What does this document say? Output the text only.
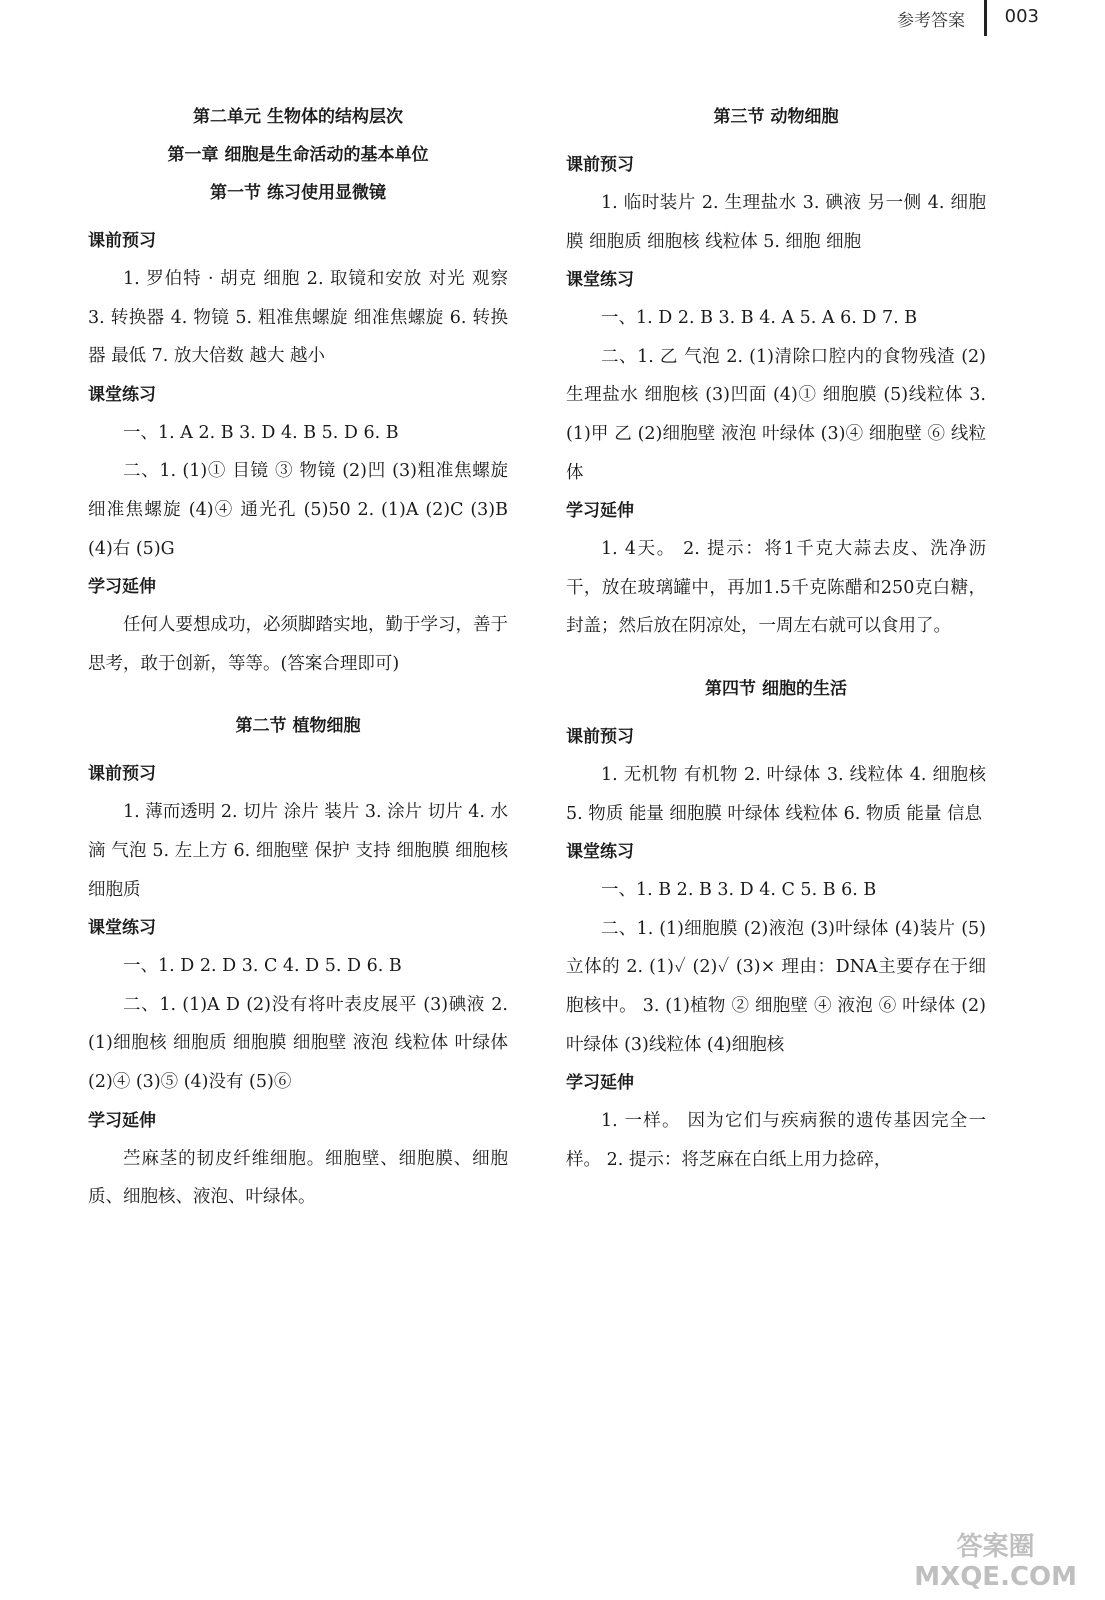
参考答案 003
第二单元 生物体的结构层次
第一章 细胞是生命活动的基本单位
第一节 练习使用显微镜
课前预习

1. 罗伯特 · 胡克 细胞 2. 取镜和安放 对光 观察 3. 转换器 4. 物镜 5. 粗准焦螺旋 细准焦螺旋 6. 转换器 最低 7. 放大倍数 越大 越小

课堂练习

一、1. A 2. B 3. D 4. B 5. D 6. B

二、1. (1)① 目镜 ③ 物镜 (2)凹 (3)粗准焦螺旋 细准焦螺旋 (4)④ 通光孔 (5)50 2. (1)A (2)C (3)B (4)右 (5)G

学习延伸

任何人要想成功，必须脚踏实地，勤于学习，善于思考，敢于创新，等等。(答案合理即可)

第二节 植物细胞
课前预习

1. 薄而透明 2. 切片 涂片 装片 3. 涂片 切片 4. 水滴 气泡 5. 左上方 6. 细胞壁 保护 支持 细胞膜 细胞核 细胞质

课堂练习

一、1. D 2. D 3. C 4. D 5. D 6. B

二、1. (1)A D (2)没有将叶表皮展平 (3)碘液 2. (1)细胞核 细胞质 细胞膜 细胞壁 液泡 线粒体 叶绿体 (2)④ (3)⑤ (4)没有 (5)⑥

学习延伸

苎麻茎的韧皮纤维细胞。细胞壁、细胞膜、细胞质、细胞核、液泡、叶绿体。

第三节 动物细胞
课前预习

1. 临时装片 2. 生理盐水 3. 碘液 另一侧 4. 细胞膜 细胞质 细胞核 线粒体 5. 细胞 细胞

课堂练习

一、1. D 2. B 3. B 4. A 5. A 6. D 7. B

二、1. 乙 气泡 2. (1)清除口腔内的食物残渣 (2)生理盐水 细胞核 (3)凹面 (4)① 细胞膜 (5)线粒体 3. (1)甲 乙 (2)细胞壁 液泡 叶绿体 (3)④ 细胞壁 ⑥ 线粒体

学习延伸

1. 4天。 2. 提示：将1千克大蒜去皮、洗净沥干，放在玻璃罐中，再加1.5千克陈醋和250克白糖，封盖；然后放在阴凉处，一周左右就可以食用了。

第四节 细胞的生活
课前预习

1. 无机物 有机物 2. 叶绿体 3. 线粒体 4. 细胞核 5. 物质 能量 细胞膜 叶绿体 线粒体 6. 物质 能量 信息

课堂练习

一、1. B 2. B 3. D 4. C 5. B 6. B

二、1. (1)细胞膜 (2)液泡 (3)叶绿体 (4)装片 (5)立体的 2. (1)✓ (2)✓ (3)× 理由：DNA主要存在于细胞核中。 3. (1)植物 ② 细胞壁 ④ 液泡 ⑥ 叶绿体 (2)叶绿体 (3)线粒体 (4)细胞核

学习延伸

1. 一样。 因为它们与疾病猴的遗传基因完全一样。 2. 提示：将芝麻在白纸上用力捻碎，

答案圈
MXQE.COM
